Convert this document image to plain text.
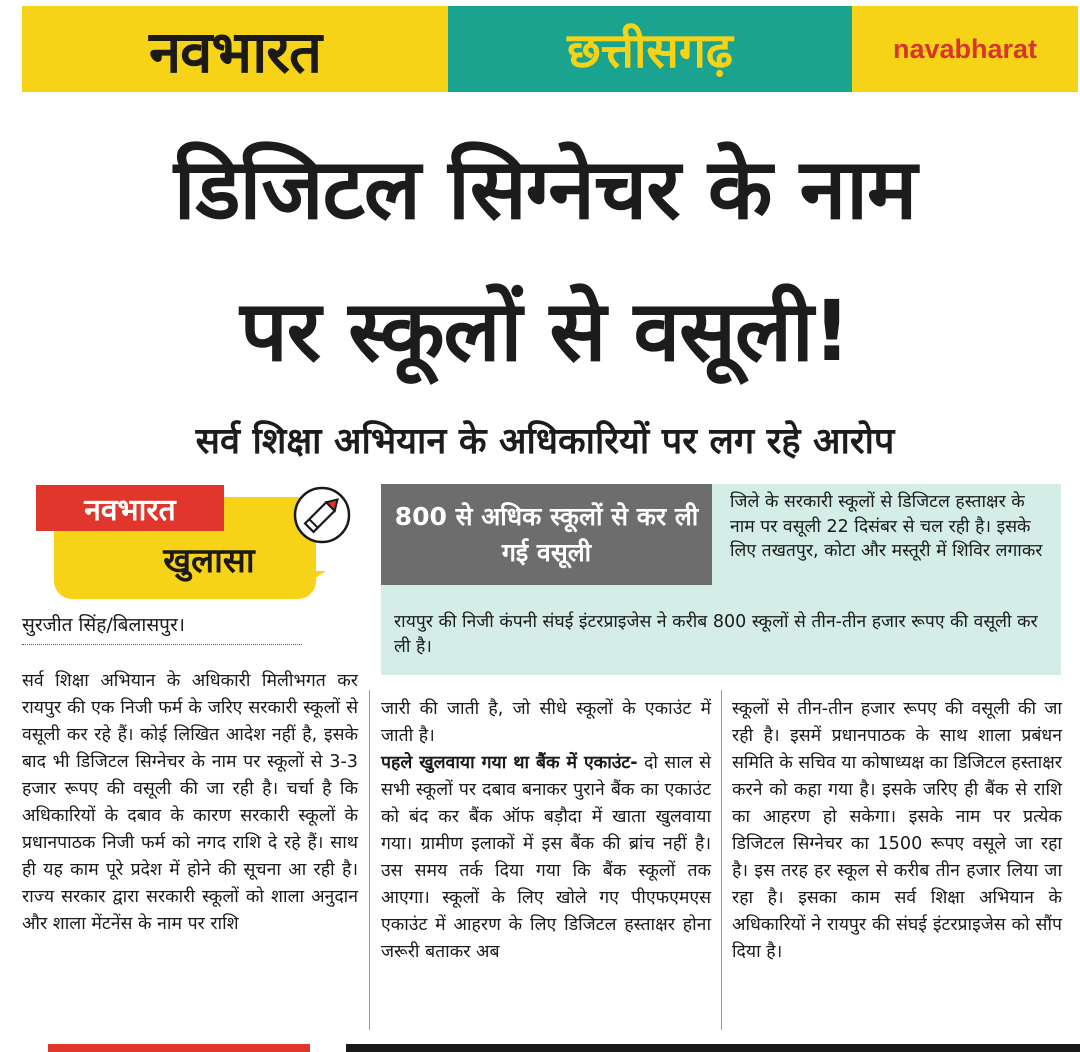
नवभारत	छत्तीसगढ़	navabharat
डिजिटल सिग्नेचर के नाम
पर स्कूलों से वसूली!
सर्व शिक्षा अभियान के अधिकारियों पर लग रहे आरोप
नवभारत
खुलासा
सुरजीत सिंह/बिलासपुर।
800 से अधिक स्कूलों से कर ली गई वसूली
जिले के सरकारी स्कूलों से डिजिटल हस्ताक्षर के नाम पर वसूली 22 दिसंबर से चल रही है। इसके लिए तखतपुर, कोटा और मस्तूरी में शिविर लगाकर
रायपुर की निजी कंपनी संघई इंटरप्राइजेस ने करीब 800 स्कूलों से तीन-तीन हजार रूपए की वसूली कर ली है।
सर्व शिक्षा अभियान के अधिकारी मिलीभगत कर रायपुर की एक निजी फर्म के जरिए सरकारी स्कूलों से वसूली कर रहे हैं। कोई लिखित आदेश नहीं है, इसके बाद भी डिजिटल सिग्नेचर के नाम पर स्कूलों से 3-3 हजार रूपए की वसूली की जा रही है। चर्चा है कि अधिकारियों के दबाव के कारण सरकारी स्कूलों के प्रधानपाठक निजी फर्म को नगद राशि दे रहे हैं। साथ ही यह काम पूरे प्रदेश में होने की सूचना आ रही है। राज्य सरकार द्वारा सरकारी स्कूलों को शाला अनुदान और शाला मेंटनेंस के नाम पर राशि
जारी की जाती है, जो सीधे स्कूलों के एकाउंट में जाती है।
पहले खुलवाया गया था बैंक में एकाउंट- दो साल से सभी स्कूलों पर दबाव बनाकर पुराने बैंक का एकाउंट को बंद कर बैंक ऑफ बड़ौदा में खाता खुलवाया गया। ग्रामीण इलाकों में इस बैंक की ब्रांच नहीं है। उस समय तर्क दिया गया कि बैंक स्कूलों तक आएगा। स्कूलों के लिए खोले गए पीएफएमएस एकाउंट में आहरण के लिए डिजिटल हस्ताक्षर होना जरूरी बताकर अब
स्कूलों से तीन-तीन हजार रूपए की वसूली की जा रही है। इसमें प्रधानपाठक के साथ शाला प्रबंधन समिति के सचिव या कोषाध्यक्ष का डिजिटल हस्ताक्षर करने को कहा गया है। इसके जरिए ही बैंक से राशि का आहरण हो सकेगा। इसके नाम पर प्रत्येक डिजिटल सिग्नेचर का 1500 रूपए वसूले जा रहा है। इस तरह हर स्कूल से करीब तीन हजार लिया जा रहा है। इसका काम सर्व शिक्षा अभियान के अधिकारियों ने रायपुर की संघई इंटरप्राइजेस को सौंप दिया है।
